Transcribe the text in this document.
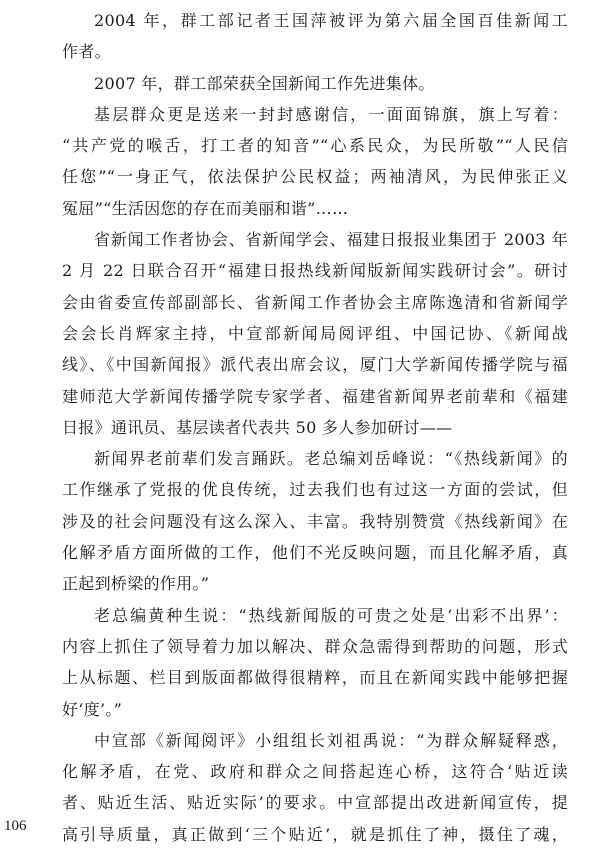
2004 年，群工部记者王国萍被评为第六届全国百佳新闻工
作者。
2007 年，群工部荣获全国新闻工作先进集体。
基层群众更是送来一封封感谢信，一面面锦旗，旗上写着：
“共产党的喉舌，打工者的知音”“心系民众，为民所敬”“人民信
任您”“一身正气，依法保护公民权益；两袖清风，为民伸张正义
冤屈”“生活因您的存在而美丽和谐”……
省新闻工作者协会、省新闻学会、福建日报报业集团于 2003 年
2 月 22 日联合召开“福建日报热线新闻版新闻实践研讨会”。研讨
会由省委宣传部副部长、省新闻工作者协会主席陈逸清和省新闻学
会会长肖辉家主持，中宣部新闻局阅评组、中国记协、《新闻战
线》、《中国新闻报》派代表出席会议，厦门大学新闻传播学院与福
建师范大学新闻传播学院专家学者、福建省新闻界老前辈和《福建
日报》通讯员、基层读者代表共 50 多人参加研讨——
新闻界老前辈们发言踊跃。老总编刘岳峰说：“《热线新闻》的
工作继承了党报的优良传统，过去我们也有过这一方面的尝试，但
涉及的社会问题没有这么深入、丰富。我特别赞赏《热线新闻》在
化解矛盾方面所做的工作，他们不光反映问题，而且化解矛盾，真
正起到桥梁的作用。”
老总编黄种生说：“热线新闻版的可贵之处是‘出彩不出界’：
内容上抓住了领导着力加以解决、群众急需得到帮助的问题，形式
上从标题、栏目到版面都做得很精粹，而且在新闻实践中能够把握
好‘度’。”
中宣部《新闻阅评》小组组长刘祖禹说：“为群众解疑释惑，
化解矛盾，在党、政府和群众之间搭起连心桥，这符合‘贴近读
者、贴近生活、贴近实际’的要求。中宣部提出改进新闻宣传，提
高引导质量，真正做到‘三个贴近’，就是抓住了神，摄住了魂，
106
